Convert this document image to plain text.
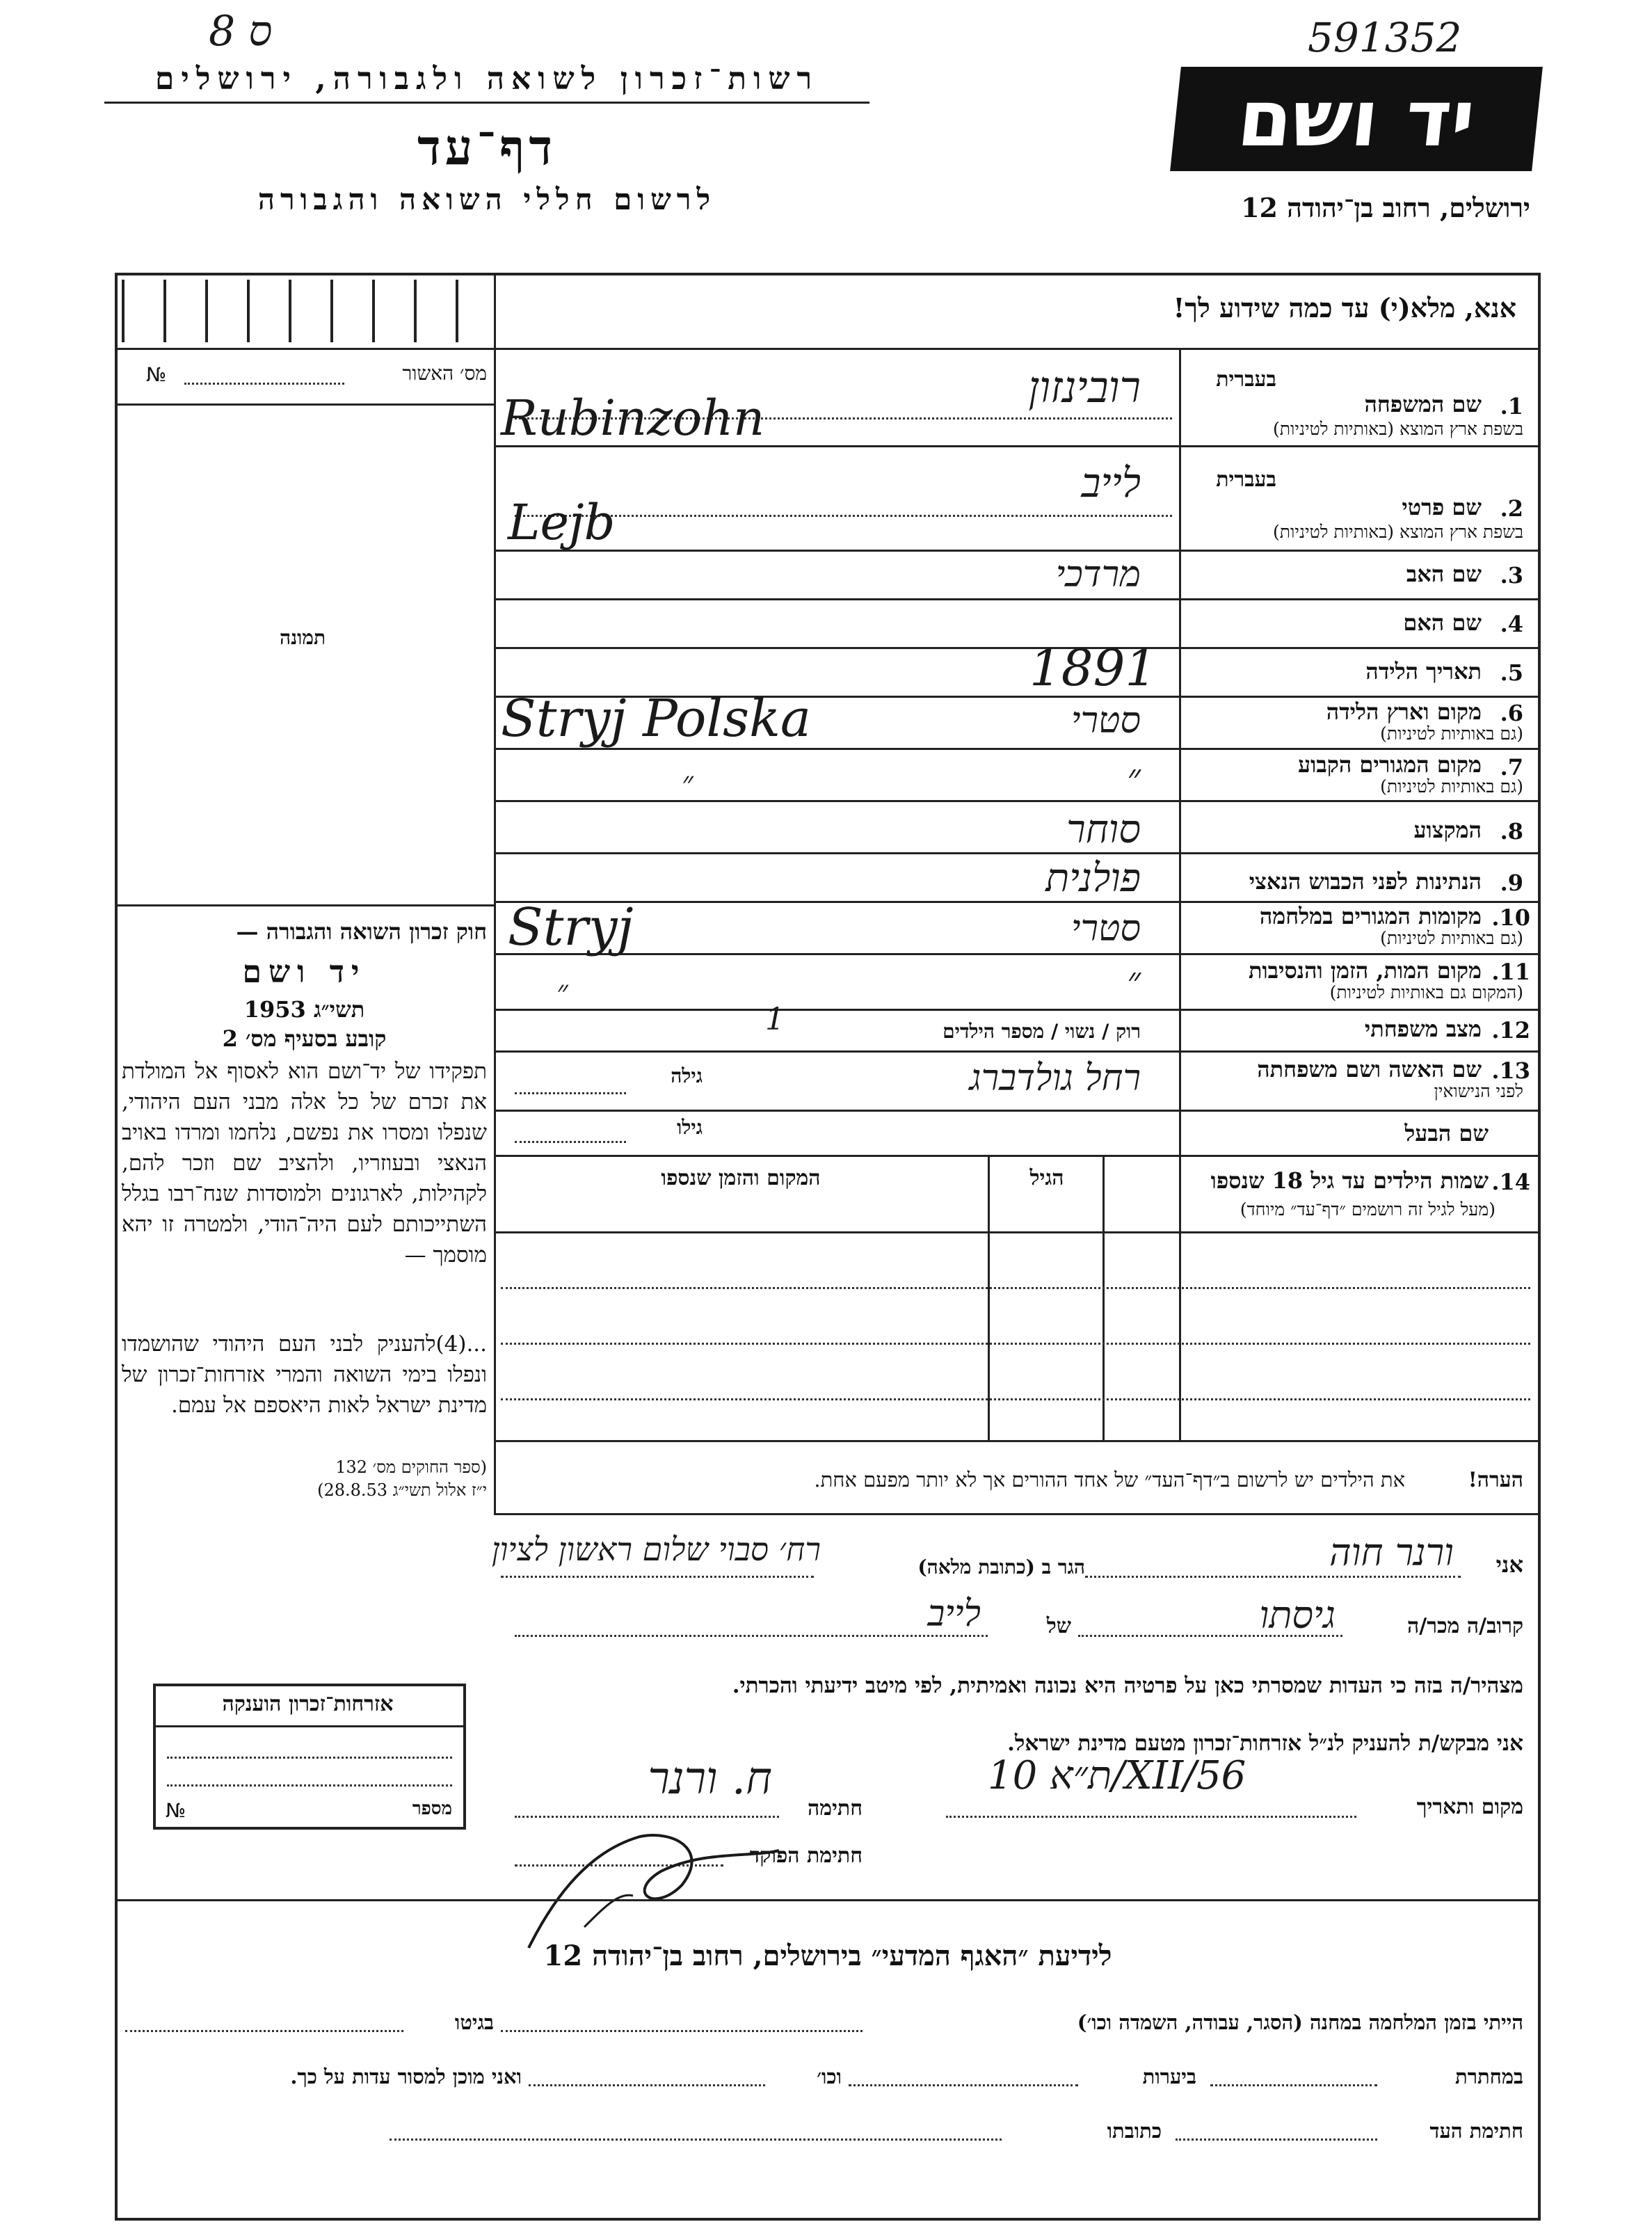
ס 8	591352
רשות־זכרון לשואה ולגבורה, ירושלים
דף־עד
לרשום חללי השואה והגבורה
יד ושם
ירושלים, רחוב בן־יהודה 12
אנא, מלא(י) עד כמה שידוע לך!
מס׳ האשור
№
תמונה
חוק זכרון השואה והגבורה —
יד ושם
תשי״ג 1953
קובע בסעיף מס׳ 2
תפקידו של יד־ושם הוא לאסוף אל המולדת את זכרם של כל אלה מבני העם היהודי, שנפלו ומסרו את נפשם, נלחמו ומרדו באויב הנאצי ובעוזריו, ולהציב שם וזכר להם, לקהילות, לארגונים ולמוסדות שנח־רבו בגלל השתייכותם לעם היה־הודי, ולמטרה זו יהא מוסמך —
...(4)להעניק לבני העם היהודי שהושמדו ונפלו בימי השואה והמרי אזרחות־זכרון של מדינת ישראל לאות היאספם אל עמם.
(ספר החוקים מס׳ 132
י״ז אלול תשי״ג 28.8.53)
1.
שם המשפחה
בשפת ארץ המוצא (באותיות לטיניות)
בעברית
רובינזון
Rubinzohn
2.
שם פרטי
בשפת ארץ המוצא (באותיות לטיניות)
בעברית
לייב
Lejb
3.
שם האב
מרדכי
4.
שם האם
5.
תאריך הלידה
1891
6.
מקום וארץ הלידה
(גם באותיות לטיניות)
סטרי
Stryj Polska
7.
מקום המגורים הקבוע
(גם באותיות לטיניות)
״
״
8.
המקצוע
סוחר
9.
הנתינות לפני הכבוש הנאצי
פולנית
10.
מקומות המגורים במלחמה
(גם באותיות לטיניות)
סטרי
Stryj
11.
מקום המות, הזמן והנסיבות
(המקום גם באותיות לטיניות)
״
״
12.
מצב משפחתי
רוק / נשוי / מספר הילדים
1
13.
שם האשה ושם משפחתה
לפני הנישואין
גילה	רחל גולדברג
שם הבעל
גילו
14.
שמות הילדים עד גיל 18 שנספו
(מעל לגיל זה רושמים ״דף־עד״ מיוחד)
הגיל
המקום והזמן שנספו
הערה!
את הילדים יש לרשום ב״דף־העד״ של אחד ההורים אך לא יותר מפעם אחת.
אני
ורנר חוה
הגר ב (כתובת מלאה)
רח׳ סבוי שלום ראשון לציון
קרוב/ה מכר/ה
גיסתו
של
לייב
מצהיר/ה בזה כי העדות שמסרתי כאן על פרטיה היא נכונה ואמיתית, לפי מיטב ידיעתי והכרתי.
אני מבקש/ת להעניק לנ״ל אזרחות־זכרון מטעם מדינת ישראל.
מקום ותאריך
ת״א 10/XII/56
חתימה
ח. ורנר
חתימת הפוקד
אזרחות־זכרון הוענקה
מספר
№
לידיעת ״האגף המדעי״ בירושלים, רחוב בן־יהודה 12
הייתי בזמן המלחמה במחנה (הסגר, עבודה, השמדה וכו׳)
בגיטו
במחתרת
ביערות
וכו׳
ואני מוכן למסור עדות על כך.
חתימת העד
כתובתו
